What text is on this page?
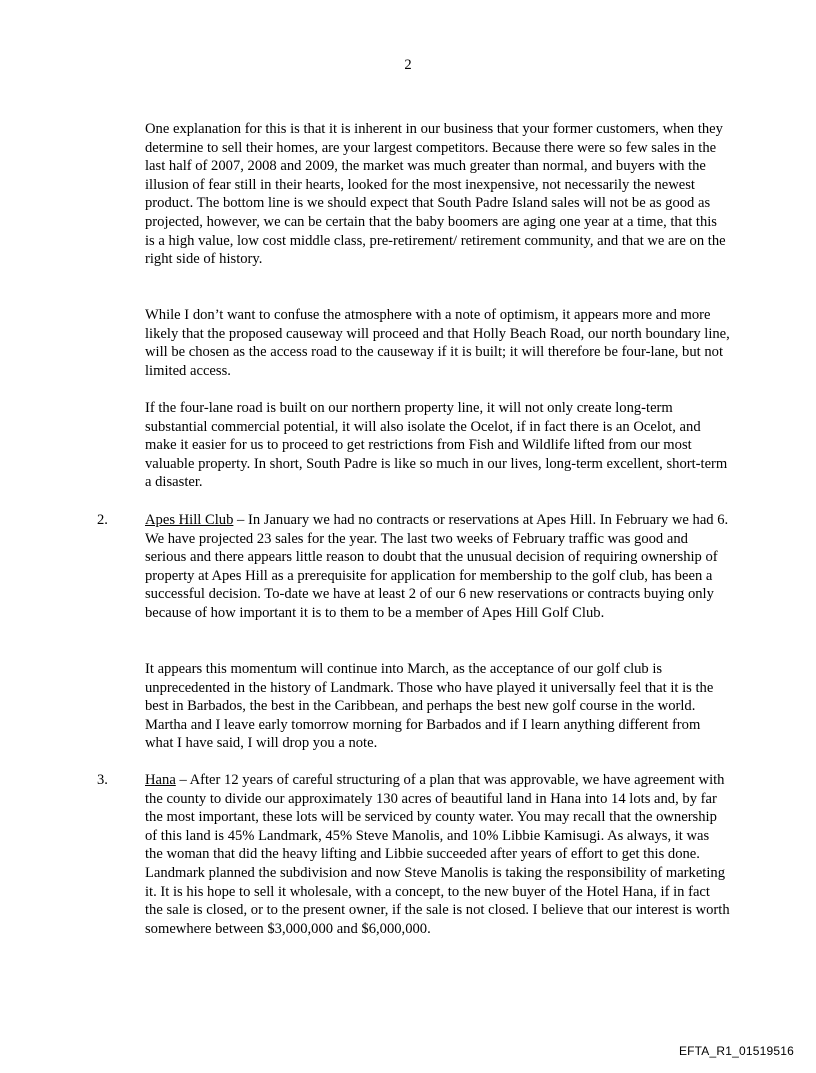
2

One explanation for this is that it is inherent in our business that your former customers, when they determine to sell their homes, are your largest competitors. Because there were so few sales in the last half of 2007, 2008 and 2009, the market was much greater than normal, and buyers with the illusion of fear still in their hearts, looked for the most inexpensive, not necessarily the newest product. The bottom line is we should expect that South Padre Island sales will not be as good as projected, however, we can be certain that the baby boomers are aging one year at a time, that this is a high value, low cost middle class, pre-retirement/ retirement community, and that we are on the right side of history.

While I don’t want to confuse the atmosphere with a note of optimism, it appears more and more likely that the proposed causeway will proceed and that Holly Beach Road, our north boundary line, will be chosen as the access road to the causeway if it is built; it will therefore be four-lane, but not limited access.

If the four-lane road is built on our northern property line, it will not only create long-term substantial commercial potential, it will also isolate the Ocelot, if in fact there is an Ocelot, and make it easier for us to proceed to get restrictions from Fish and Wildlife lifted from our most valuable property. In short, South Padre is like so much in our lives, long-term excellent, short-term a disaster.

2.	Apes Hill Club – In January we had no contracts or reservations at Apes Hill. In February we had 6. We have projected 23 sales for the year. The last two weeks of February traffic was good and serious and there appears little reason to doubt that the unusual decision of requiring ownership of property at Apes Hill as a prerequisite for application for membership to the golf club, has been a successful decision. To-date we have at least 2 of our 6 new reservations or contracts buying only because of how important it is to them to be a member of Apes Hill Golf Club.

It appears this momentum will continue into March, as the acceptance of our golf club is unprecedented in the history of Landmark. Those who have played it universally feel that it is the best in Barbados, the best in the Caribbean, and perhaps the best new golf course in the world. Martha and I leave early tomorrow morning for Barbados and if I learn anything different from what I have said, I will drop you a note.

3.	Hana – After 12 years of careful structuring of a plan that was approvable, we have agreement with the county to divide our approximately 130 acres of beautiful land in Hana into 14 lots and, by far the most important, these lots will be serviced by county water. You may recall that the ownership of this land is 45% Landmark, 45% Steve Manolis, and 10% Libbie Kamisugi. As always, it was the woman that did the heavy lifting and Libbie succeeded after years of effort to get this done. Landmark planned the subdivision and now Steve Manolis is taking the responsibility of marketing it. It is his hope to sell it wholesale, with a concept, to the new buyer of the Hotel Hana, if in fact the sale is closed, or to the present owner, if the sale is not closed. I believe that our interest is worth somewhere between $3,000,000 and $6,000,000.

EFTA_R1_01519516
